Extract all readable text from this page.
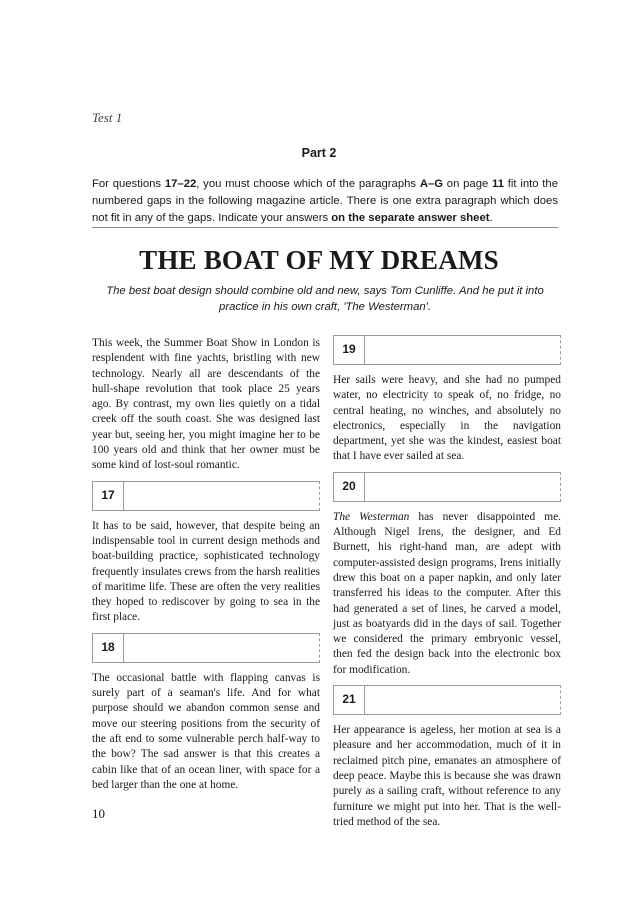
Test 1
Part 2
For questions 17–22, you must choose which of the paragraphs A–G on page 11 fit into the numbered gaps in the following magazine article. There is one extra paragraph which does not fit in any of the gaps. Indicate your answers on the separate answer sheet.
THE BOAT OF MY DREAMS
The best boat design should combine old and new, says Tom Cunliffe. And he put it into practice in his own craft, 'The Westerman'.

This week, the Summer Boat Show in London is resplendent with fine yachts, bristling with new technology. Nearly all are descendants of the hull-shape revolution that took place 25 years ago. By contrast, my own lies quietly on a tidal creek off the south coast. She was designed last year but, seeing her, you might imagine her to be 100 years old and think that her owner must be some kind of lost-soul romantic.

17

It has to be said, however, that despite being an indispensable tool in current design methods and boat-building practice, sophisticated technology frequently insulates crews from the harsh realities of maritime life. These are often the very realities they hoped to rediscover by going to sea in the first place.

18

The occasional battle with flapping canvas is surely part of a seaman's life. And for what purpose should we abandon common sense and move our steering positions from the security of the aft end to some vulnerable perch half-way to the bow? The sad answer is that this creates a cabin like that of an ocean liner, with space for a bed larger than the one at home.

19

Her sails were heavy, and she had no pumped water, no electricity to speak of, no fridge, no central heating, no winches, and absolutely no electronics, especially in the navigation department, yet she was the kindest, easiest boat that I have ever sailed at sea.

20

The Westerman has never disappointed me. Although Nigel Irens, the designer, and Ed Burnett, his right-hand man, are adept with computer-assisted design programs, Irens initially drew this boat on a paper napkin, and only later transferred his ideas to the computer. After this had generated a set of lines, he carved a model, just as boatyards did in the days of sail. Together we considered the primary embryonic vessel, then fed the design back into the electronic box for modification.

21

Her appearance is ageless, her motion at sea is a pleasure and her accommodation, much of it in reclaimed pitch pine, emanates an atmosphere of deep peace. Maybe this is because she was drawn purely as a sailing craft, without reference to any furniture we might put into her. That is the well-tried method of the sea.

10
